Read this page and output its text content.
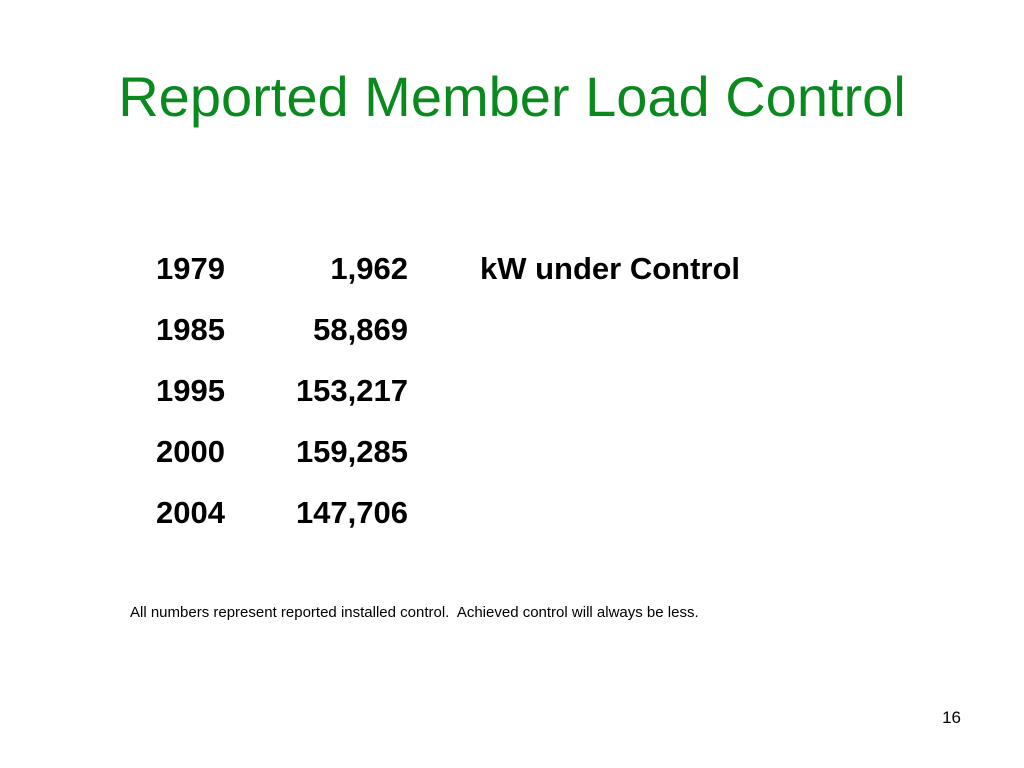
Reported Member Load Control
1979	1,962	kW under Control
1985	58,869	
1995	153,217	
2000	159,285	
2004	147,706	
All numbers represent reported installed control.  Achieved control will always be less.
16
